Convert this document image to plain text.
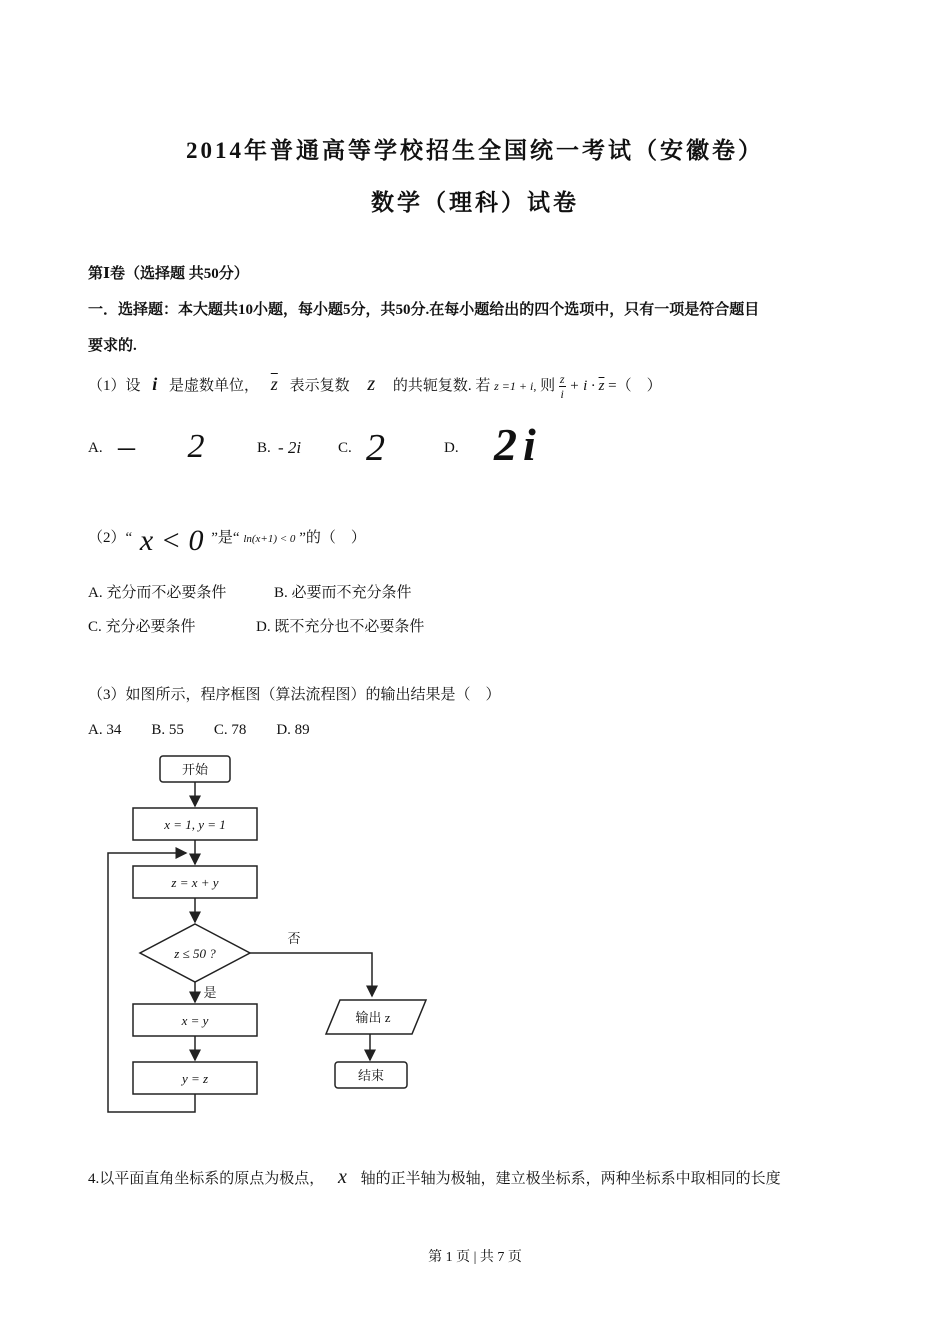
2014年普通高等学校招生全国统一考试（安徽卷）
数学（理科）试卷
第Ⅰ卷（选择题 共50分）
一．选择题：本大题共10小题，每小题5分，共50分.在每小题给出的四个选项中，只有一项是符合题目
要求的.
（1）设 i 是虚数单位， $\overline{z}$ 表示复数 z 的共轭复数. 若 z =1 + i, 则 $\frac{z}{i} + i \cdot \overline{z}$ =（　）
A. – 2 B. - 2i C. 2	D. 2i
（2）“ x < 0 ”是“ ln(x+1) < 0 ”的（　）
A. 充分而不必要条件	B. 必要而不充分条件
C. 充分必要条件	D. 既不充分也不必要条件
（3）如图所示，程序框图（算法流程图）的输出结果是（　）
A. 34　　B. 55　　C. 78　　D. 89
开始
x = 1, y = 1
z = x + y
z ≤ 50 ?
否
是
x = y
y = z
输出 z
结束
4.以平面直角坐标系的原点为极点， x 轴的正半轴为极轴，建立极坐标系，两种坐标系中取相同的长度
第 1 页 | 共 7 页
